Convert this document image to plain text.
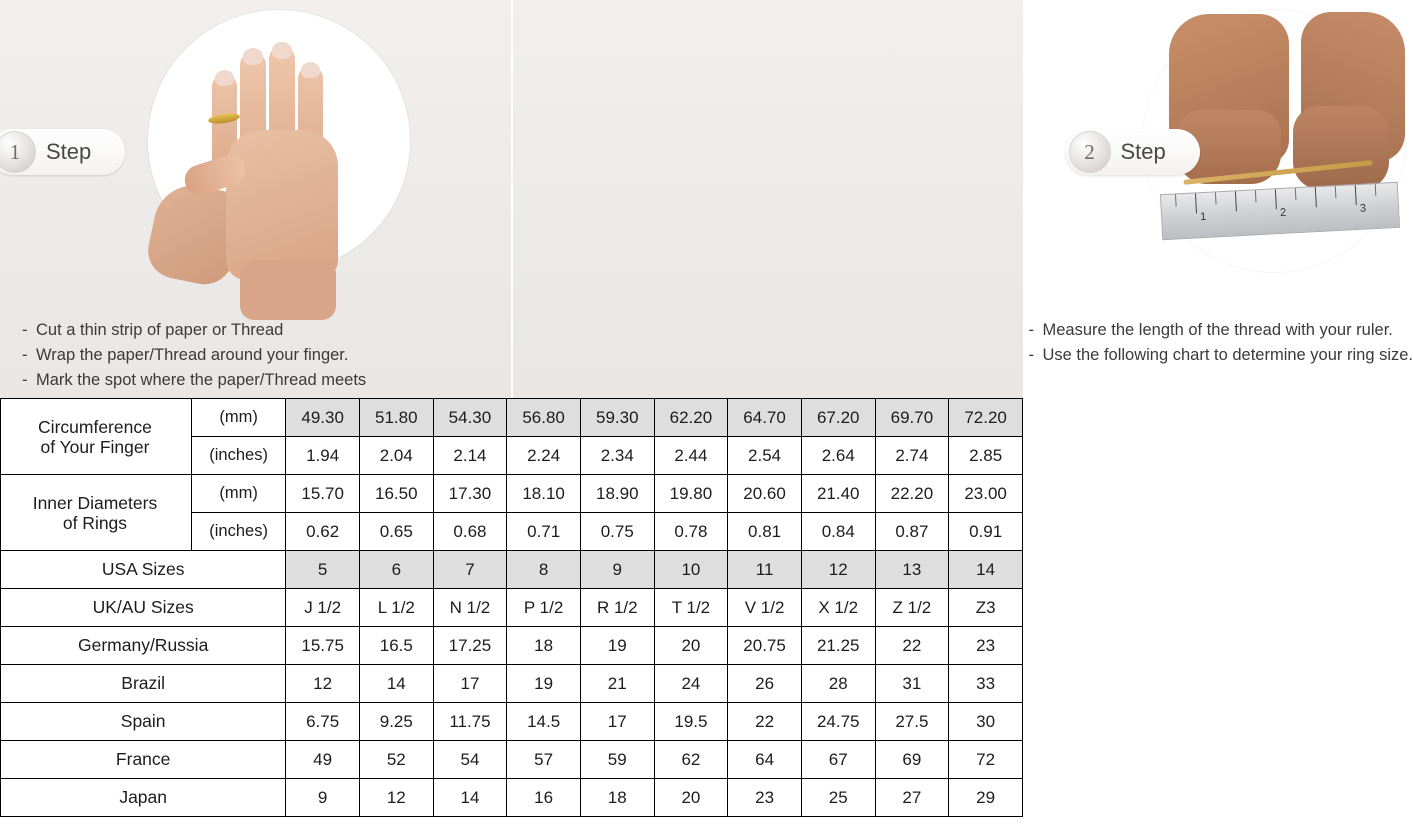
1	Step
- Cut a thin strip of paper or Thread
- Wrap the paper/Thread around your finger.
- Mark the spot where the paper/Thread meets
1	2	3
2	Step
- Measure the length of the thread with your ruler.
- Use the following chart to determine your ring size.
Circumference
of Your Finger	(mm)	49.30	51.80	54.30	56.80	59.30	62.20	64.70	67.20	69.70	72.20
	(inches)	1.94	2.04	2.14	2.24	2.34	2.44	2.54	2.64	2.74	2.85

Inner Diameters
of Rings	(mm)	15.70	16.50	17.30	18.10	18.90	19.80	20.60	21.40	22.20	23.00
	(inches)	0.62	0.65	0.68	0.71	0.75	0.78	0.81	0.84	0.87	0.91
USA Sizes		5	6	7	8	9	10	11	12	13	14
UK/AU Sizes		J 1/2	L 1/2	N 1/2	P 1/2	R 1/2	T 1/2	V 1/2	X 1/2	Z 1/2	Z3
Germany/Russia		15.75	16.5	17.25	18	19	20	20.75	21.25	22	23
Brazil		12	14	17	19	21	24	26	28	31	33
Spain		6.75	9.25	11.75	14.5	17	19.5	22	24.75	27.5	30
France		49	52	54	57	59	62	64	67	69	72
Japan		9	12	14	16	18	20	23	25	27	29
